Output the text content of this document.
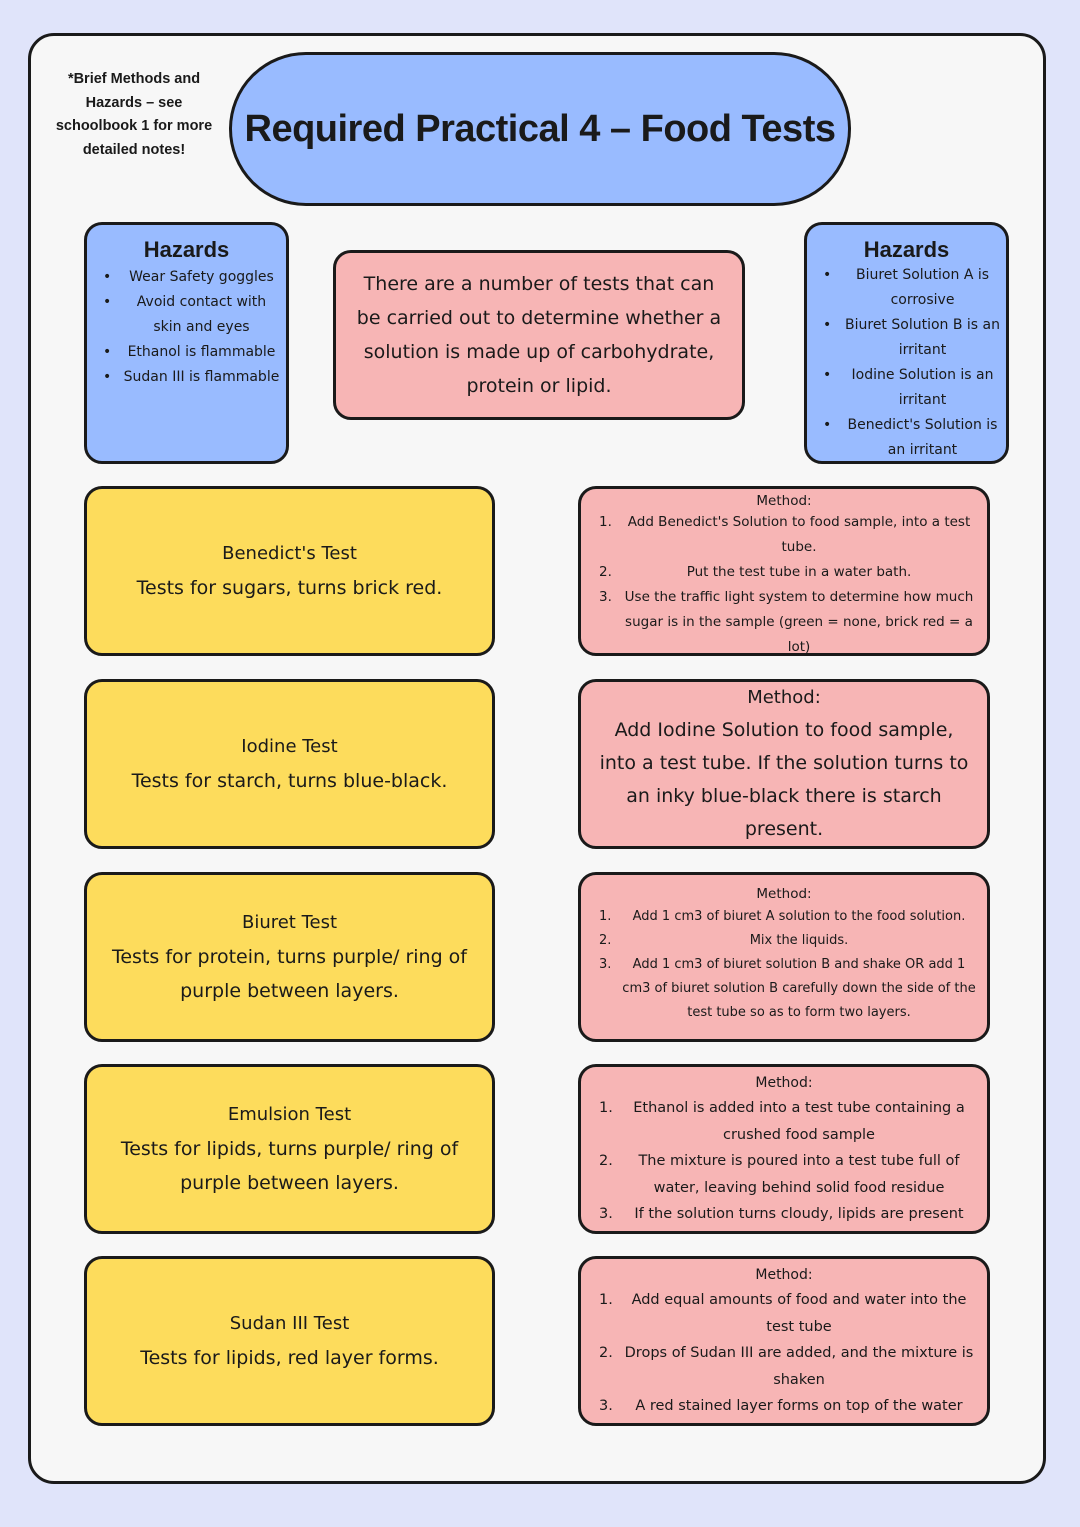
*Brief Methods and
Hazards – see
schoolbook 1 for more
detailed notes!	Required Practical 4 – Food Tests
Hazards
• Wear Safety goggles
• Avoid contact with skin and eyes
• Ethanol is flammable
• Sudan III is flammable
There are a number of tests that can be carried out to determine whether a solution is made up of carbohydrate, protein or lipid.
Hazards
• Biuret Solution A is corrosive
• Biuret Solution B is an irritant
• Iodine Solution is an irritant
• Benedict's Solution is an irritant
Benedict's Test
Tests for sugars, turns brick red.
Method:
1. Add Benedict's Solution to food sample, into a test tube.
2.	Put the test tube in a water bath.
3. Use the traffic light system to determine how much sugar is in the sample (green = none, brick red = a lot)
Iodine Test
Tests for starch, turns blue-black.
Method:
Add Iodine Solution to food sample, into a test tube. If the solution turns to an inky blue-black there is starch present.
Biuret Test
Tests for protein, turns purple/ ring of purple between layers.
Method:
1. Add 1 cm3 of biuret A solution to the food solution.
2.	Mix the liquids.
3. Add 1 cm3 of biuret solution B and shake OR add 1 cm3 of biuret solution B carefully down the side of the test tube so as to form two layers.
Emulsion Test
Tests for lipids, turns purple/ ring of purple between layers.
Method:
1. Ethanol is added into a test tube containing a crushed food sample
2. The mixture is poured into a test tube full of water, leaving behind solid food residue
3. If the solution turns cloudy, lipids are present
Sudan III Test
Tests for lipids, red layer forms.
Method:
1. Add equal amounts of food and water into the test tube
2. Drops of Sudan III are added, and the mixture is shaken
3. A red stained layer forms on top of the water
